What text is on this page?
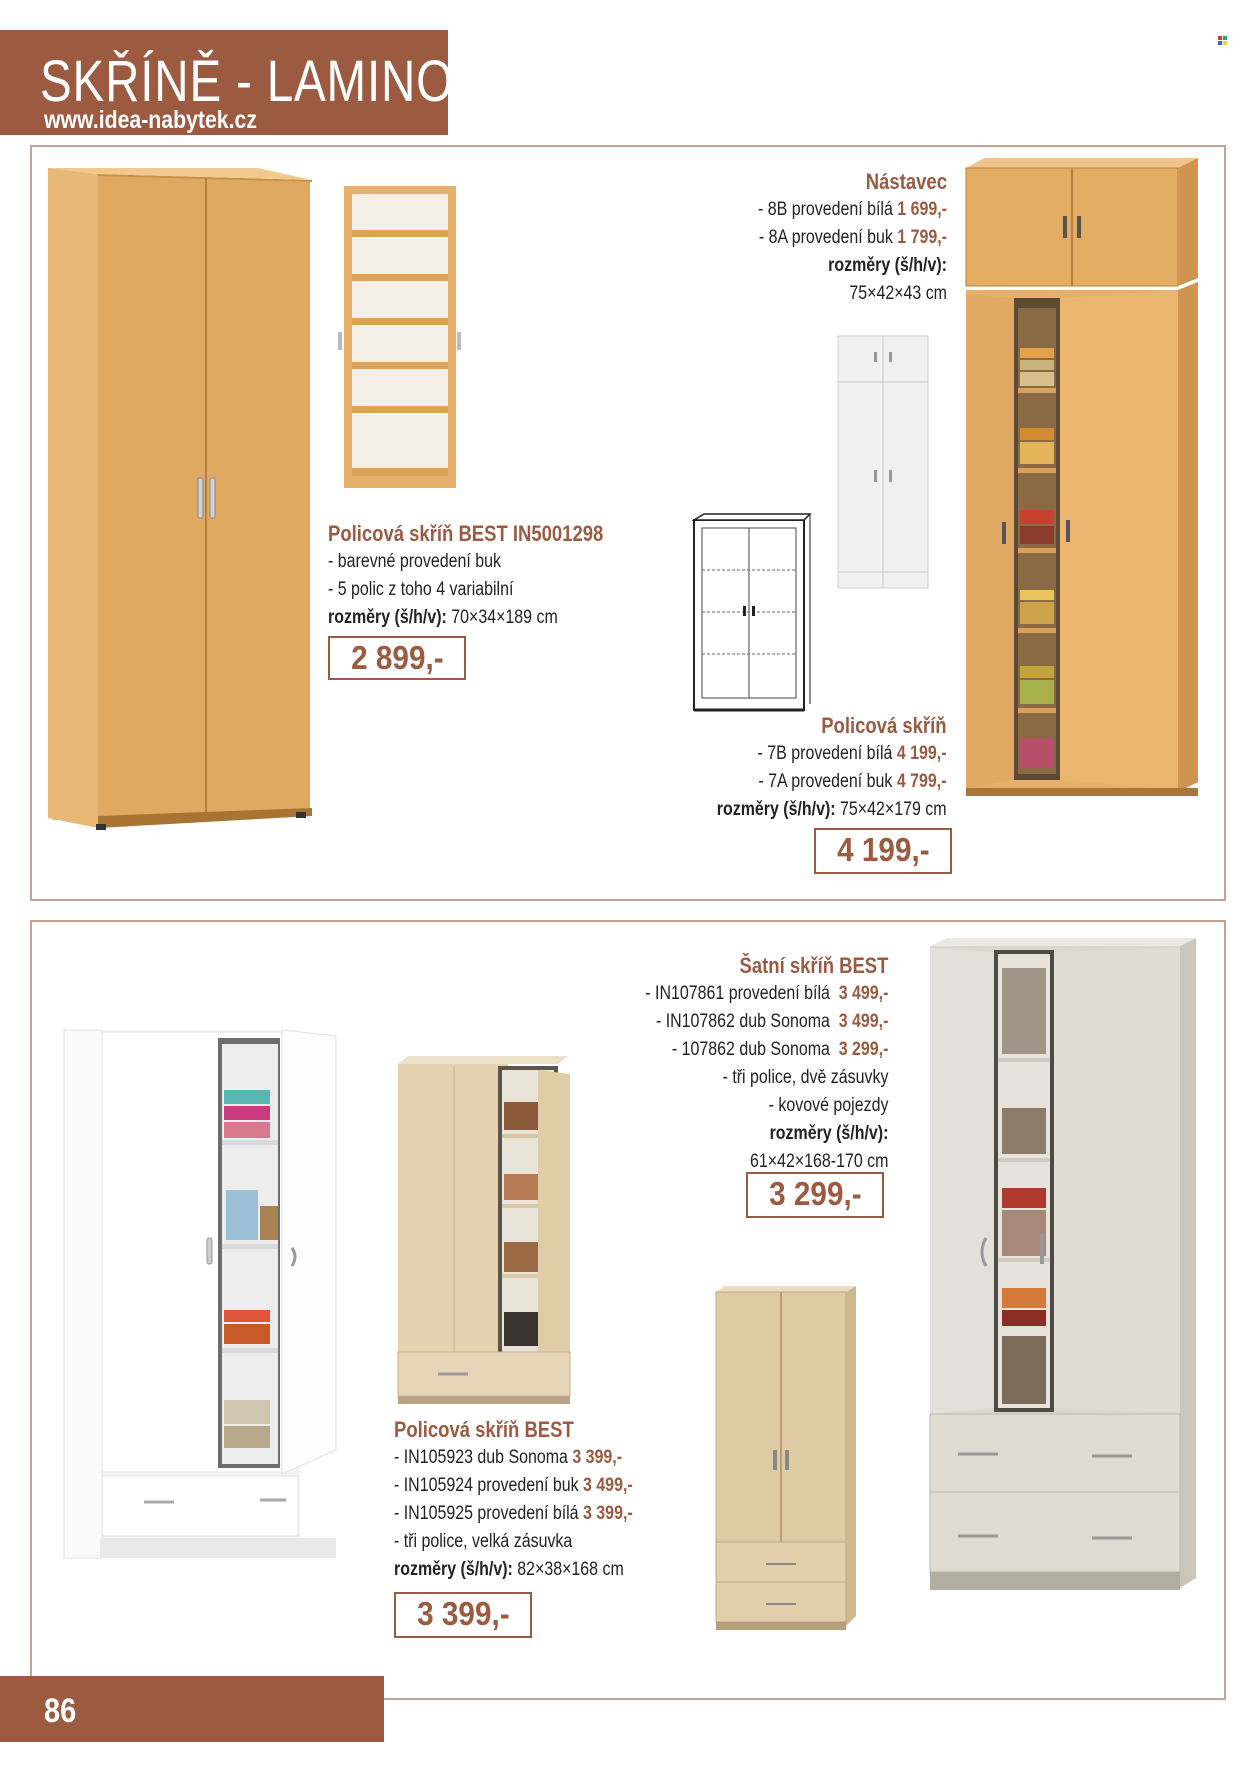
SKŘÍNĚ - LAMINO
www.idea-nabytek.cz
Policová skříň BEST IN5001298
- barevné provedení buk
- 5 polic z toho 4 variabilní
rozměry (š/h/v): 70×34×189 cm
2 899,-
Nástavec
- 8B provedení bílá 1 699,-
- 8A provedení buk 1 799,-
rozměry (š/h/v):
75×42×43 cm
Policová skříň
- 7B provedení bílá 4 199,-
- 7A provedení buk 4 799,-
rozměry (š/h/v): 75×42×179 cm
4 199,-
Šatní skříň BEST
- IN107861 provedení bílá 3 499,-
- IN107862 dub Sonoma 3 499,-
- 107862 dub Sonoma 3 299,-
- tři police, dvě zásuvky
- kovové pojezdy
rozměry (š/h/v):
61×42×168-170 cm
3 299,-
Policová skříň BEST
- IN105923 dub Sonoma 3 399,-
- IN105924 provedení buk 3 499,-
- IN105925 provedení bílá 3 399,-
- tři police, velká zásuvka
rozměry (š/h/v): 82×38×168 cm
3 399,-
86
